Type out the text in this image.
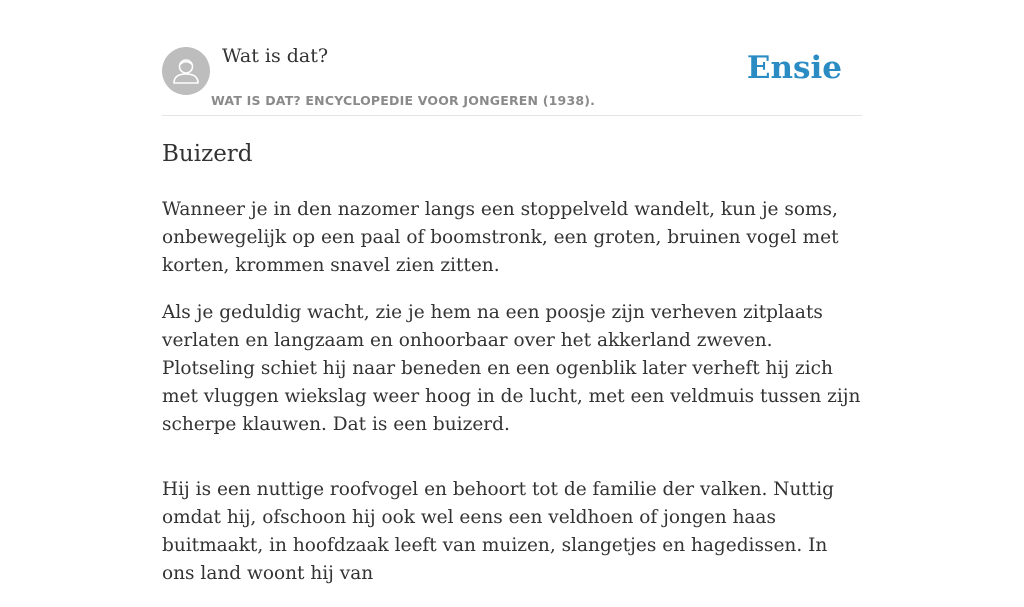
Wat is dat?
WAT IS DAT? ENCYCLOPEDIE VOOR JONGEREN (1938).
Ensie
Buizerd

Wanneer je in den nazomer langs een stoppelveld wandelt, kun je soms, onbewegelijk op een paal of boomstronk, een groten, bruinen vogel met korten, krommen snavel zien zitten.

Als je geduldig wacht, zie je hem na een poosje zijn verheven zitplaats verlaten en langzaam en onhoorbaar over het akkerland zweven. Plotseling schiet hij naar beneden en een ogenblik later verheft hij zich met vluggen wiekslag weer hoog in de lucht, met een veldmuis tussen zijn scherpe klauwen. Dat is een buizerd.

Hij is een nuttige roofvogel en behoort tot de familie der valken. Nuttig omdat hij, ofschoon hij ook wel eens een veldhoen of jongen haas buitmaakt, in hoofdzaak leeft van muizen, slangetjes en hagedissen. In ons land woont hij van
